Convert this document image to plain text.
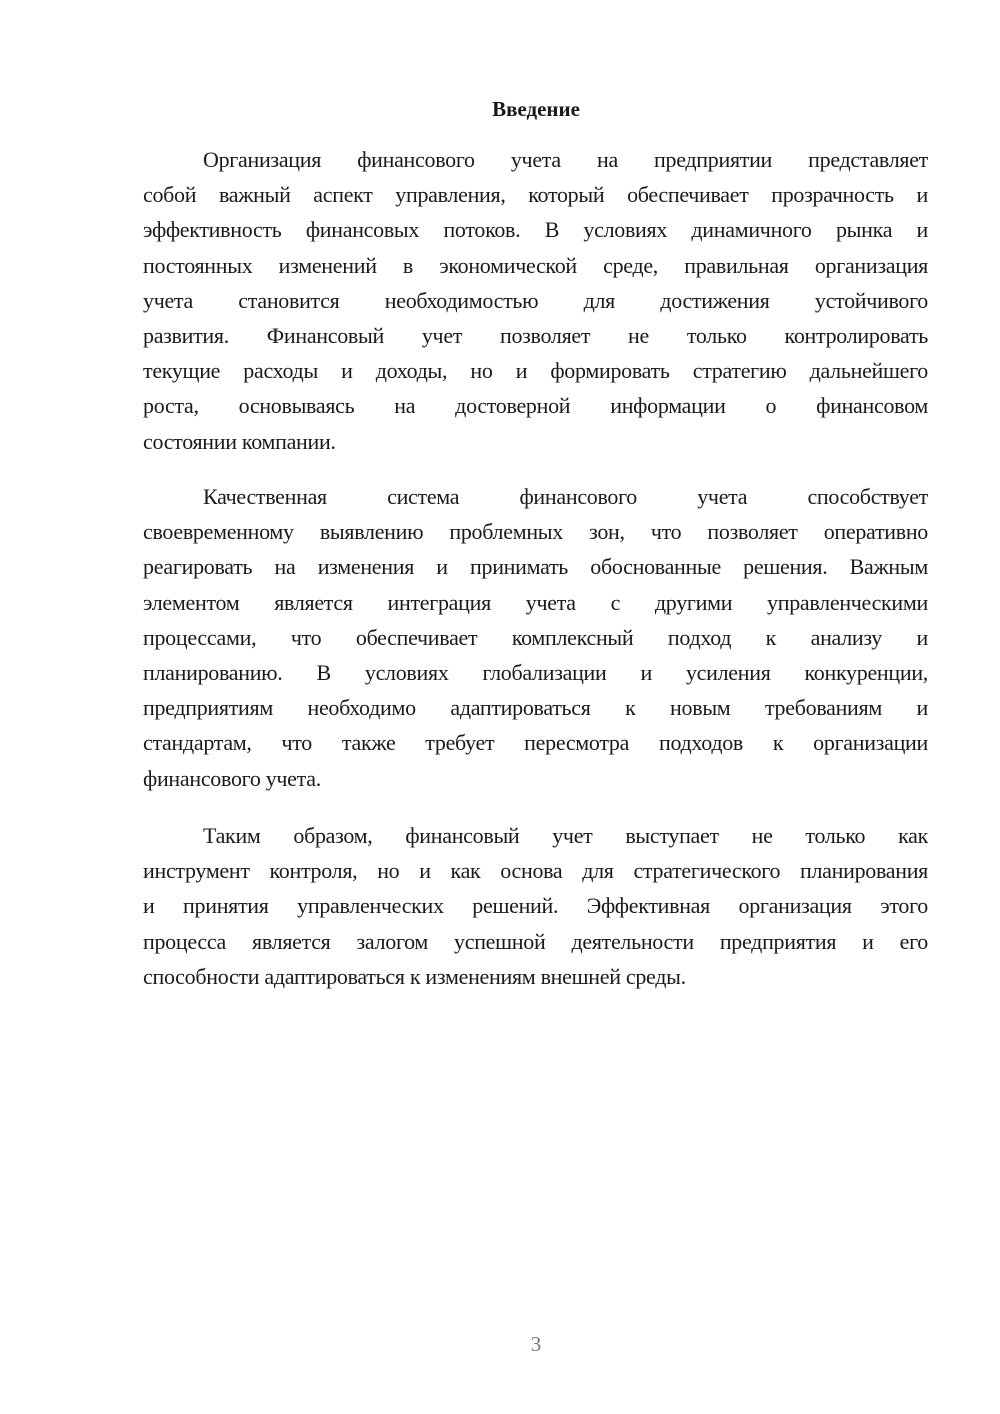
Введение
Организация финансового учета на предприятии представляет
собой важный аспект управления, который обеспечивает прозрачность и
эффективность финансовых потоков. В условиях динамичного рынка и
постоянных изменений в экономической среде, правильная организация
учета становится необходимостью для достижения устойчивого
развития. Финансовый учет позволяет не только контролировать
текущие расходы и доходы, но и формировать стратегию дальнейшего
роста, основываясь на достоверной информации о финансовом
состоянии компании.
Качественная система финансового учета способствует
своевременному выявлению проблемных зон, что позволяет оперативно
реагировать на изменения и принимать обоснованные решения. Важным
элементом является интеграция учета с другими управленческими
процессами, что обеспечивает комплексный подход к анализу и
планированию. В условиях глобализации и усиления конкуренции,
предприятиям необходимо адаптироваться к новым требованиям и
стандартам, что также требует пересмотра подходов к организации
финансового учета.
Таким образом, финансовый учет выступает не только как
инструмент контроля, но и как основа для стратегического планирования
и принятия управленческих решений. Эффективная организация этого
процесса является залогом успешной деятельности предприятия и его
способности адаптироваться к изменениям внешней среды.
3
